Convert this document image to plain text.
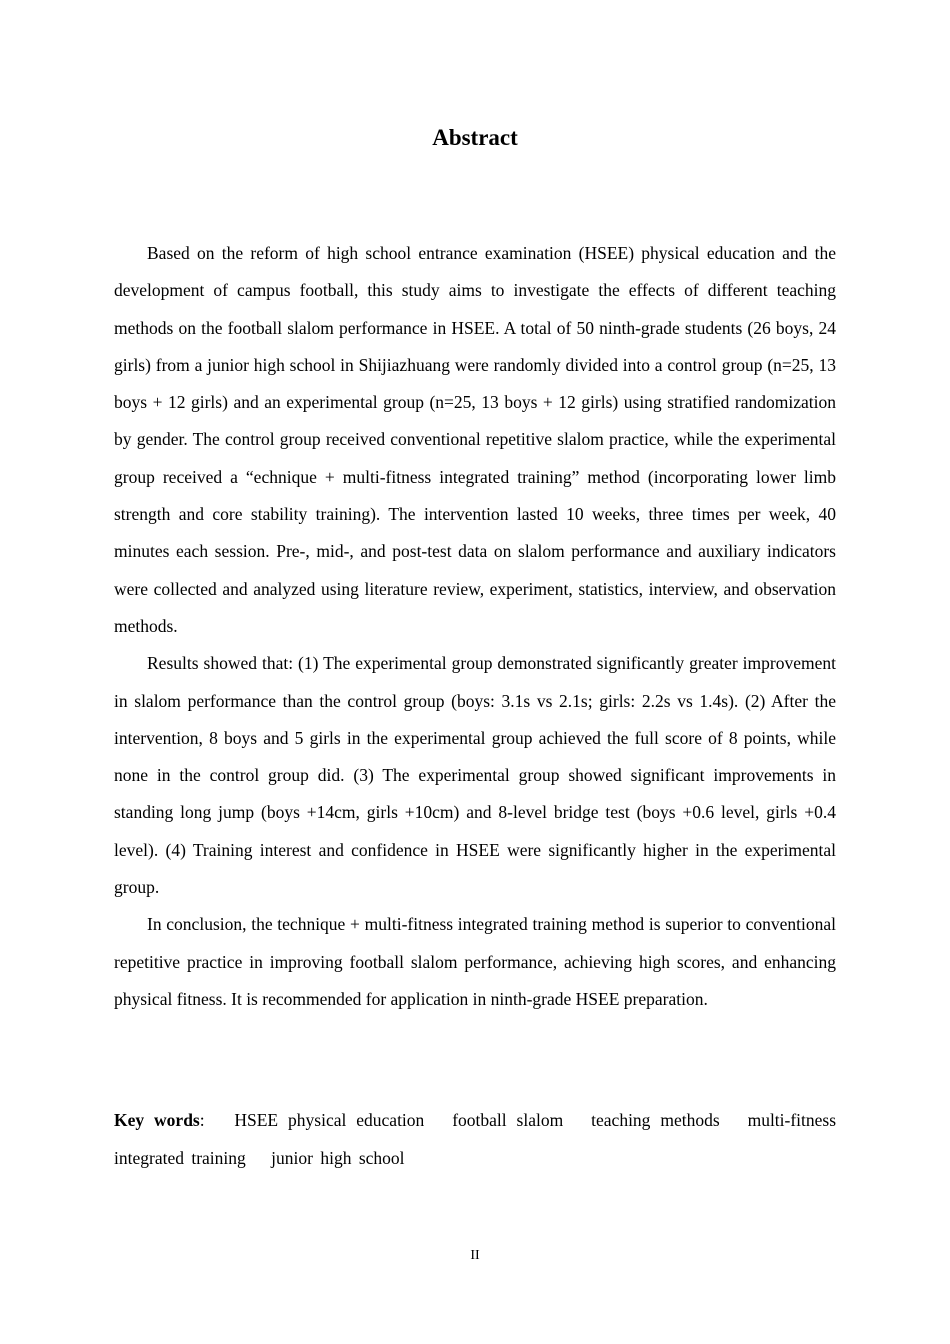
Abstract

Based on the reform of high school entrance examination (HSEE) physical education and the development of campus football, this study aims to investigate the effects of different teaching methods on the football slalom performance in HSEE. A total of 50 ninth-grade students (26 boys, 24 girls) from a junior high school in Shijiazhuang were randomly divided into a control group (n=25, 13 boys + 12 girls) and an experimental group (n=25, 13 boys + 12 girls) using stratified randomization by gender. The control group received conventional repetitive slalom practice, while the experimental group received a “echnique + multi-fitness integrated training” method (incorporating lower limb strength and core stability training). The intervention lasted 10 weeks, three times per week, 40 minutes each session. Pre-, mid-, and post-test data on slalom performance and auxiliary indicators were collected and analyzed using literature review, experiment, statistics, interview, and observation methods.

Results showed that: (1) The experimental group demonstrated significantly greater improvement in slalom performance than the control group (boys: 3.1s vs 2.1s; girls: 2.2s vs 1.4s). (2) After the intervention, 8 boys and 5 girls in the experimental group achieved the full score of 8 points, while none in the control group did. (3) The experimental group showed significant improvements in standing long jump (boys +14cm, girls +10cm) and 8-level bridge test (boys +0.6 level, girls +0.4 level). (4) Training interest and confidence in HSEE were significantly higher in the experimental group.

In conclusion, the technique + multi-fitness integrated training method is superior to conventional repetitive practice in improving football slalom performance, achieving high scores, and enhancing physical fitness. It is recommended for application in ninth-grade HSEE preparation.

Key words: HSEE physical education football slalom teaching methods multi-fitness integrated training junior high school

II
